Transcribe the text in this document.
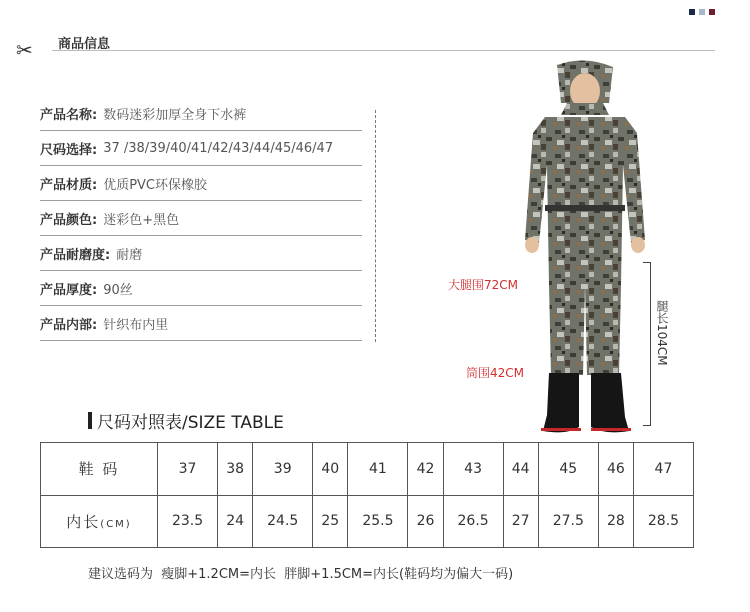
✂ 商品信息
产品名称: 数码迷彩加厚全身下水裤
尺码选择: 37 /38/39/40/41/42/43/44/45/46/47
产品材质: 优质PVC环保橡胶
产品颜色: 迷彩色+黑色
产品耐磨度: 耐磨
产品厚度: 90丝
产品内部: 针织布内里
大腿围72CM
筒围42CM
腿长104CM
尺码对照表/SIZE TABLE
鞋 码	37	38	39	40	41	42	43	44	45	46	47
内长(CM)	23.5	24	24.5	25	25.5	26	26.5	27	27.5	28	28.5
建议选码为  瘦脚+1.2CM=内长  胖脚+1.5CM=内长(鞋码均为偏大一码)
